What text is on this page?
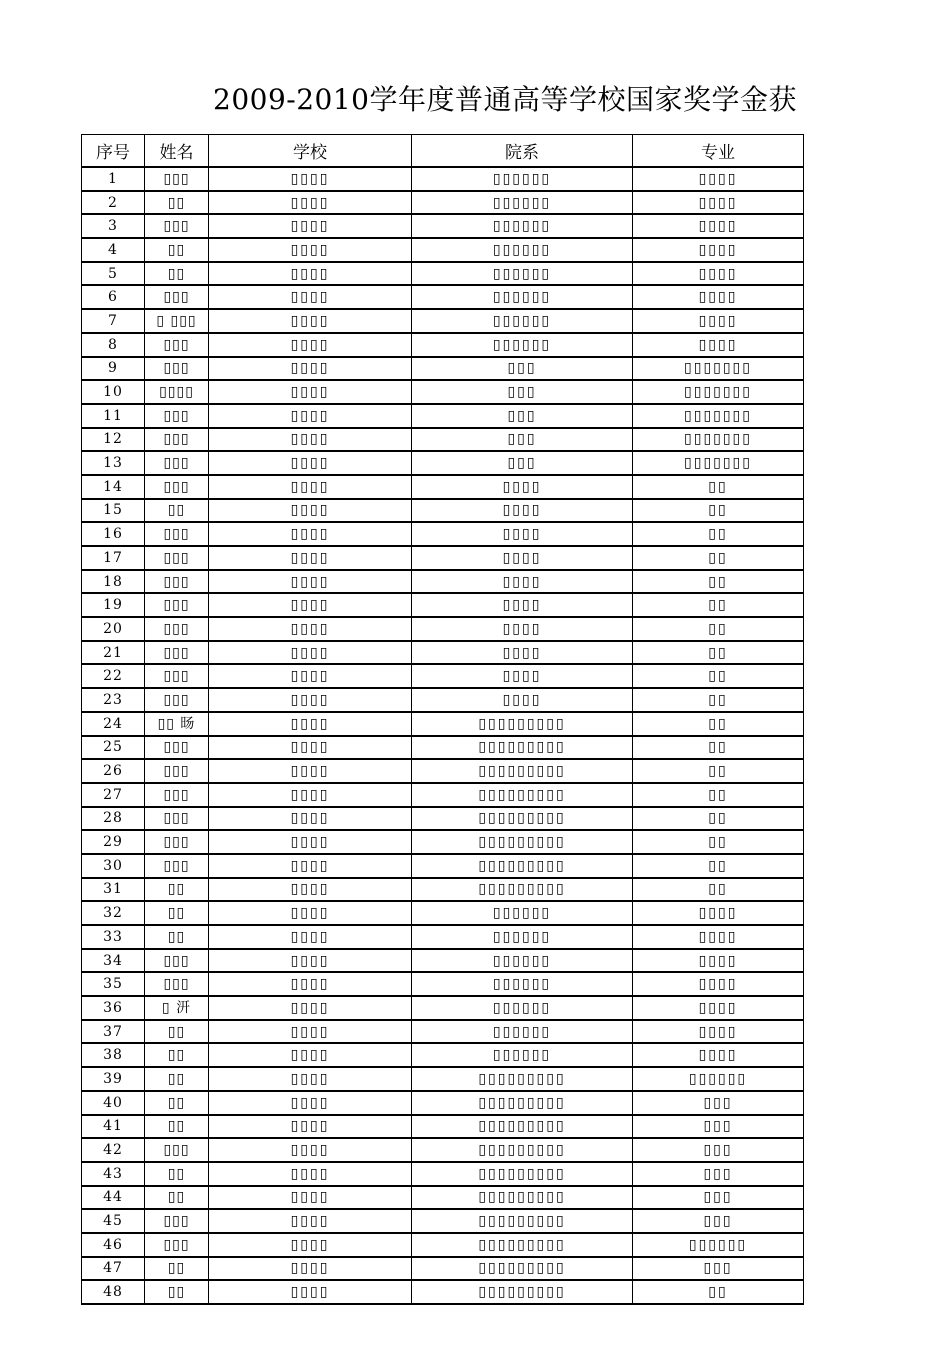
2009-2010学年度普通高等学校国家奖学金获
序号	姓名	学校	院系	专业
1	▯▯▯	▯▯▯▯	▯▯▯▯▯▯	▯▯▯▯
2	▯▯	▯▯▯▯	▯▯▯▯▯▯	▯▯▯▯
3	▯▯▯	▯▯▯▯	▯▯▯▯▯▯	▯▯▯▯
4	▯▯	▯▯▯▯	▯▯▯▯▯▯	▯▯▯▯
5	▯▯	▯▯▯▯	▯▯▯▯▯▯	▯▯▯▯
6	▯▯▯	▯▯▯▯	▯▯▯▯▯▯	▯▯▯▯
7	▯ ▯▯▯	▯▯▯▯	▯▯▯▯▯▯	▯▯▯▯
8	▯▯▯	▯▯▯▯	▯▯▯▯▯▯	▯▯▯▯
9	▯▯▯	▯▯▯▯	▯▯▯	▯▯▯▯▯▯▯
10	▯▯▯▯	▯▯▯▯	▯▯▯	▯▯▯▯▯▯▯
11	▯▯▯	▯▯▯▯	▯▯▯	▯▯▯▯▯▯▯
12	▯▯▯	▯▯▯▯	▯▯▯	▯▯▯▯▯▯▯
13	▯▯▯	▯▯▯▯	▯▯▯	▯▯▯▯▯▯▯
14	▯▯▯	▯▯▯▯	▯▯▯▯	▯▯
15	▯▯	▯▯▯▯	▯▯▯▯	▯▯
16	▯▯▯	▯▯▯▯	▯▯▯▯	▯▯
17	▯▯▯	▯▯▯▯	▯▯▯▯	▯▯
18	▯▯▯	▯▯▯▯	▯▯▯▯	▯▯
19	▯▯▯	▯▯▯▯	▯▯▯▯	▯▯
20	▯▯▯	▯▯▯▯	▯▯▯▯	▯▯
21	▯▯▯	▯▯▯▯	▯▯▯▯	▯▯
22	▯▯▯	▯▯▯▯	▯▯▯▯	▯▯
23	▯▯▯	▯▯▯▯	▯▯▯▯	▯▯
24	▯▯ 旸	▯▯▯▯	▯▯▯▯▯▯▯▯▯	▯▯
25	▯▯▯	▯▯▯▯	▯▯▯▯▯▯▯▯▯	▯▯
26	▯▯▯	▯▯▯▯	▯▯▯▯▯▯▯▯▯	▯▯
27	▯▯▯	▯▯▯▯	▯▯▯▯▯▯▯▯▯	▯▯
28	▯▯▯	▯▯▯▯	▯▯▯▯▯▯▯▯▯	▯▯
29	▯▯▯	▯▯▯▯	▯▯▯▯▯▯▯▯▯	▯▯
30	▯▯▯	▯▯▯▯	▯▯▯▯▯▯▯▯▯	▯▯
31	▯▯	▯▯▯▯	▯▯▯▯▯▯▯▯▯	▯▯
32	▯▯	▯▯▯▯	▯▯▯▯▯▯	▯▯▯▯
33	▯▯	▯▯▯▯	▯▯▯▯▯▯	▯▯▯▯
34	▯▯▯	▯▯▯▯	▯▯▯▯▯▯	▯▯▯▯
35	▯▯▯	▯▯▯▯	▯▯▯▯▯▯	▯▯▯▯
36	▯ 汧	▯▯▯▯	▯▯▯▯▯▯	▯▯▯▯
37	▯▯	▯▯▯▯	▯▯▯▯▯▯	▯▯▯▯
38	▯▯	▯▯▯▯	▯▯▯▯▯▯	▯▯▯▯
39	▯▯	▯▯▯▯	▯▯▯▯▯▯▯▯▯	▯▯▯▯▯▯
40	▯▯	▯▯▯▯	▯▯▯▯▯▯▯▯▯	▯▯▯
41	▯▯	▯▯▯▯	▯▯▯▯▯▯▯▯▯	▯▯▯
42	▯▯▯	▯▯▯▯	▯▯▯▯▯▯▯▯▯	▯▯▯
43	▯▯	▯▯▯▯	▯▯▯▯▯▯▯▯▯	▯▯▯
44	▯▯	▯▯▯▯	▯▯▯▯▯▯▯▯▯	▯▯▯
45	▯▯▯	▯▯▯▯	▯▯▯▯▯▯▯▯▯	▯▯▯
46	▯▯▯	▯▯▯▯	▯▯▯▯▯▯▯▯▯	▯▯▯▯▯▯
47	▯▯	▯▯▯▯	▯▯▯▯▯▯▯▯▯	▯▯▯
48	▯▯	▯▯▯▯	▯▯▯▯▯▯▯▯▯	▯▯
